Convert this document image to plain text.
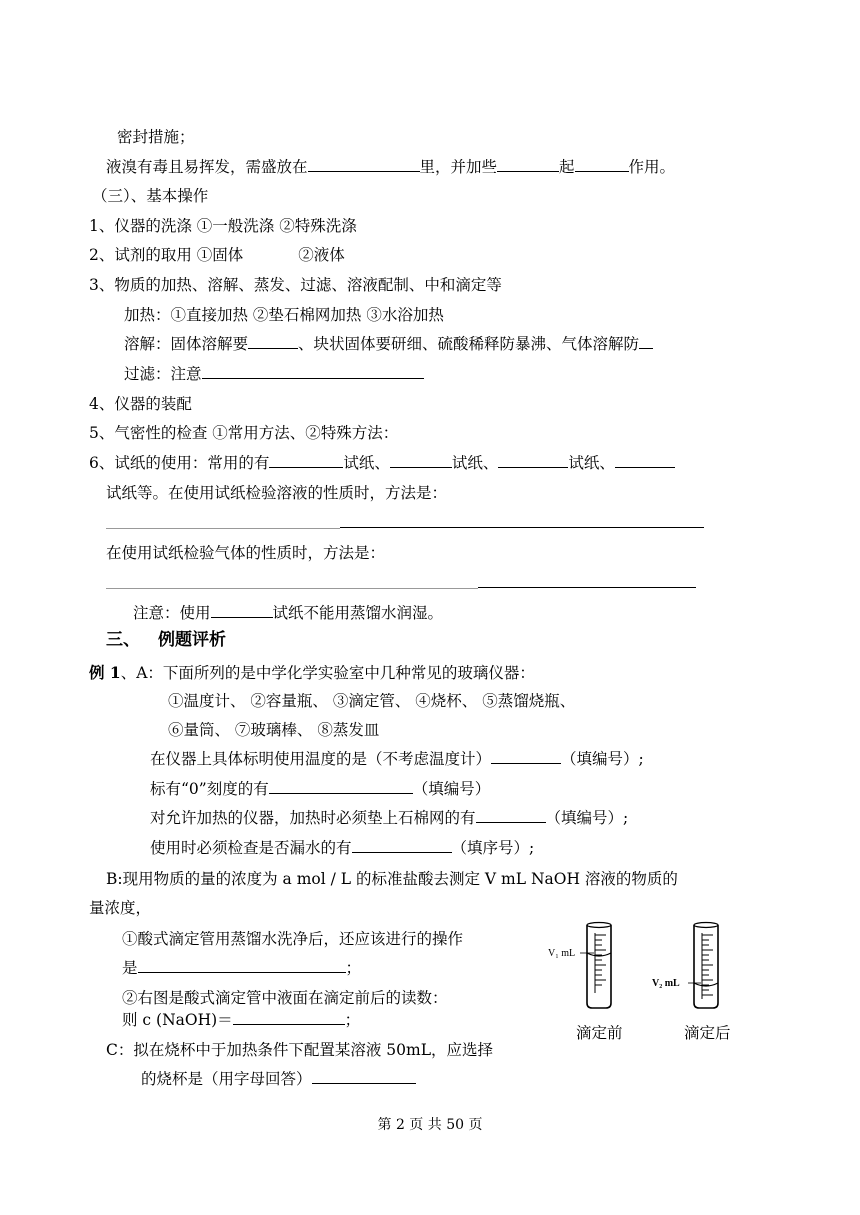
密封措施；
液溴有毒且易挥发，需盛放在	里，并加些	起	作用。
（三）、基本操作
1、仪器的洗涤 ①一般洗涤 ②特殊洗涤
2、试剂的取用 ①固体	②液体
3、物质的加热、溶解、蒸发、过滤、溶液配制、中和滴定等
加热：①直接加热 ②垫石棉网加热 ③水浴加热
溶解：固体溶解要	、块状固体要研细、硫酸稀释防暴沸、气体溶解防
过滤：注意
4、仪器的装配
5、气密性的检查 ①常用方法、②特殊方法：
6、试纸的使用：常用的有	试纸、	试纸、	试纸、
试纸等。在使用试纸检验溶液的性质时，方法是：
在使用试纸检验气体的性质时，方法是：
注意：使用	试纸不能用蒸馏水润湿。
三、 例题评析
例 1、A：下面所列的是中学化学实验室中几种常见的玻璃仪器：
①温度计、 ②容量瓶、 ③滴定管、 ④烧杯、 ⑤蒸馏烧瓶、
⑥量筒、 ⑦玻璃棒、 ⑧蒸发皿
在仪器上具体标明使用温度的是（不考虑温度计）	（填编号）;
标有“0”刻度的有	（填编号）
对允许加热的仪器，加热时必须垫上石棉网的有	（填编号）;
使用时必须检查是否漏水的有	（填序号）;
B:现用物质的量的浓度为 a mol / L 的标准盐酸去测定 V mL NaOH 溶液的物质的
量浓度，
①酸式滴定管用蒸馏水洗净后，还应该进行的操作
是	；
②右图是酸式滴定管中液面在滴定前后的读数：
则 c (NaOH)＝	；
C：拟在烧杯中于加热条件下配置某溶液 50mL，应选择
的烧杯是（用字母回答）
V₁ mL
V₂ mL
滴定前	滴定后
第 2 页 共 50 页
